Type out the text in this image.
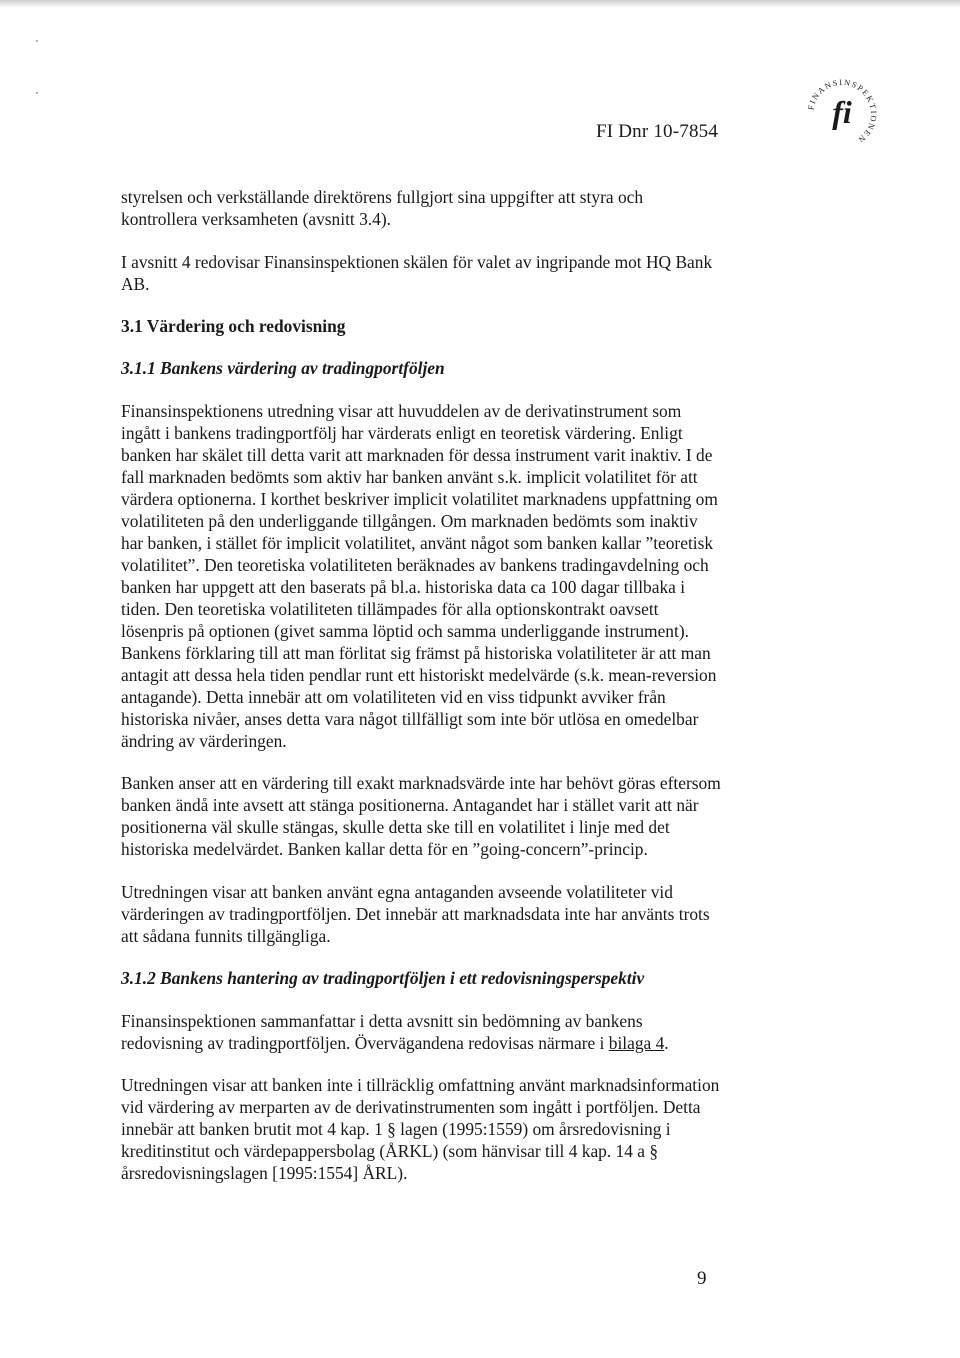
FI Dnr 10-7854
FINANSINSPEKTIONEN
fi

styrelsen och verkställande direktörens fullgjort sina uppgifter att styra och kontrollera verksamheten (avsnitt 3.4).

I avsnitt 4 redovisar Finansinspektionen skälen för valet av ingripande mot HQ Bank AB.

3.1 Värdering och redovisning
3.1.1 Bankens värdering av tradingportföljen

Finansinspektionens utredning visar att huvuddelen av de derivatinstrument som ingått i bankens tradingportfölj har värderats enligt en teoretisk värdering. Enligt banken har skälet till detta varit att marknaden för dessa instrument varit inaktiv. I de fall marknaden bedömts som aktiv har banken använt s.k. implicit volatilitet för att värdera optionerna. I korthet beskriver implicit volatilitet marknadens uppfattning om volatiliteten på den underliggande tillgången. Om marknaden bedömts som inaktiv har banken, i stället för implicit volatilitet, använt något som banken kallar ”teoretisk volatilitet”. Den teoretiska volatiliteten beräknades av bankens tradingavdelning och banken har uppgett att den baserats på bl.a. historiska data ca 100 dagar tillbaka i tiden. Den teoretiska volatiliteten tillämpades för alla optionskontrakt oavsett lösenpris på optionen (givet samma löptid och samma underliggande instrument). Bankens förklaring till att man förlitat sig främst på historiska volatiliteter är att man antagit att dessa hela tiden pendlar runt ett historiskt medelvärde (s.k. mean-reversion antagande). Detta innebär att om volatiliteten vid en viss tidpunkt avviker från historiska nivåer, anses detta vara något tillfälligt som inte bör utlösa en omedelbar ändring av värderingen.

Banken anser att en värdering till exakt marknadsvärde inte har behövt göras eftersom banken ändå inte avsett att stänga positionerna. Antagandet har i stället varit att när positionerna väl skulle stängas, skulle detta ske till en volatilitet i linje med det historiska medelvärdet. Banken kallar detta för en ”going-concern”-princip.

Utredningen visar att banken använt egna antaganden avseende volatiliteter vid värderingen av tradingportföljen. Det innebär att marknadsdata inte har använts trots att sådana funnits tillgängliga.

3.1.2 Bankens hantering av tradingportföljen i ett redovisningsperspektiv

Finansinspektionen sammanfattar i detta avsnitt sin bedömning av bankens redovisning av tradingportföljen. Övervägandena redovisas närmare i bilaga 4.

Utredningen visar att banken inte i tillräcklig omfattning använt marknadsinformation vid värdering av merparten av de derivatinstrumenten som ingått i portföljen. Detta innebär att banken brutit mot 4 kap. 1 § lagen (1995:1559) om årsredovisning i kreditinstitut och värdepappersbolag (ÅRKL) (som hänvisar till 4 kap. 14 a § årsredovisningslagen [1995:1554] ÅRL).

9
